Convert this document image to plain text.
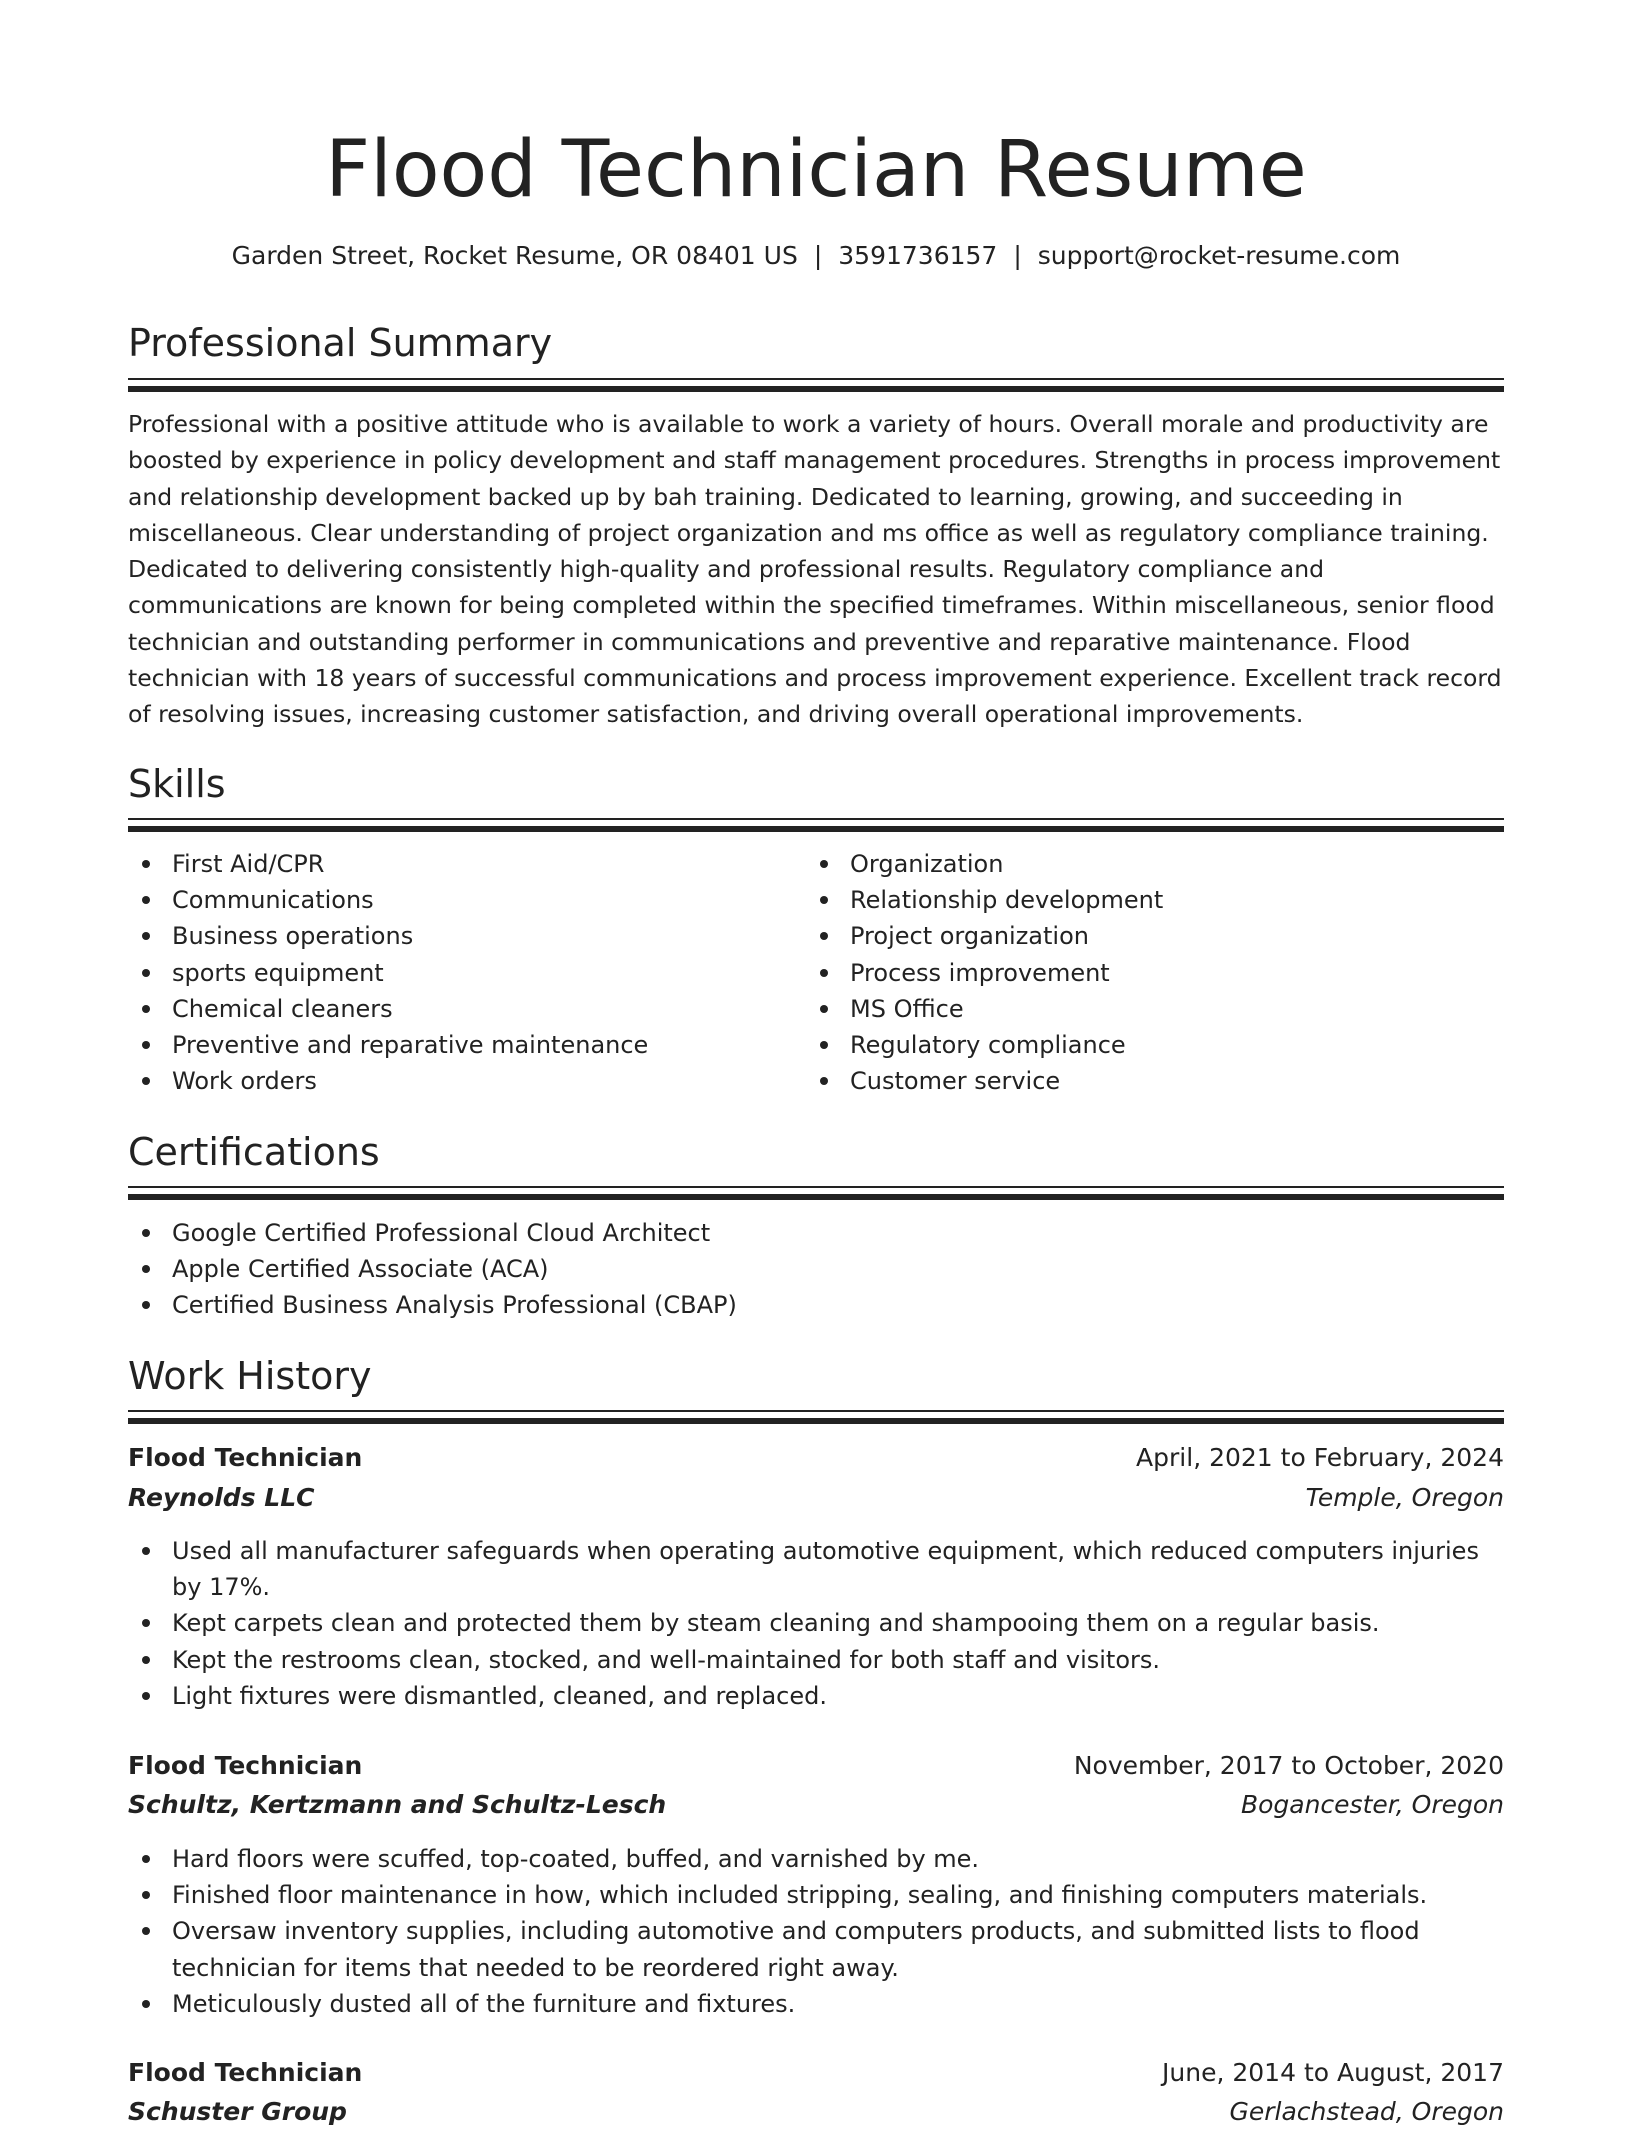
Flood Technician Resume
Garden Street, Rocket Resume, OR 08401 US | 3591736157 | support@rocket-resume.com
Professional Summary

Professional with a positive attitude who is available to work a variety of hours. Overall morale and productivity are boosted by experience in policy development and staff management procedures. Strengths in process improvement and relationship development backed up by bah training. Dedicated to learning, growing, and succeeding in miscellaneous. Clear understanding of project organization and ms office as well as regulatory compliance training. Dedicated to delivering consistently high-quality and professional results. Regulatory compliance and communications are known for being completed within the specified timeframes. Within miscellaneous, senior flood technician and outstanding performer in communications and preventive and reparative maintenance. Flood technician with 18 years of successful communications and process improvement experience. Excellent track record of resolving issues, increasing customer satisfaction, and driving overall operational improvements.

Skills
First Aid/CPR
Communications
Business operations
sports equipment
Chemical cleaners
Preventive and reparative maintenance
Work orders
Organization
Relationship development
Project organization
Process improvement
MS Office
Regulatory compliance
Customer service
Certifications
Google Certified Professional Cloud Architect
Apple Certified Associate (ACA)
Certified Business Analysis Professional (CBAP)
Work History
Flood Technician	April, 2021 to February, 2024
Reynolds LLC	Temple, Oregon
Used all manufacturer safeguards when operating automotive equipment, which reduced computers injuries by 17%.
Kept carpets clean and protected them by steam cleaning and shampooing them on a regular basis.
Kept the restrooms clean, stocked, and well-maintained for both staff and visitors.
Light fixtures were dismantled, cleaned, and replaced.
Flood Technician	November, 2017 to October, 2020
Schultz, Kertzmann and Schultz-Lesch	Bogancester, Oregon
Hard floors were scuffed, top-coated, buffed, and varnished by me.
Finished floor maintenance in how, which included stripping, sealing, and finishing computers materials.
Oversaw inventory supplies, including automotive and computers products, and submitted lists to flood technician for items that needed to be reordered right away.
Meticulously dusted all of the furniture and fixtures.
Flood Technician	June, 2014 to August, 2017
Schuster Group	Gerlachstead, Oregon
